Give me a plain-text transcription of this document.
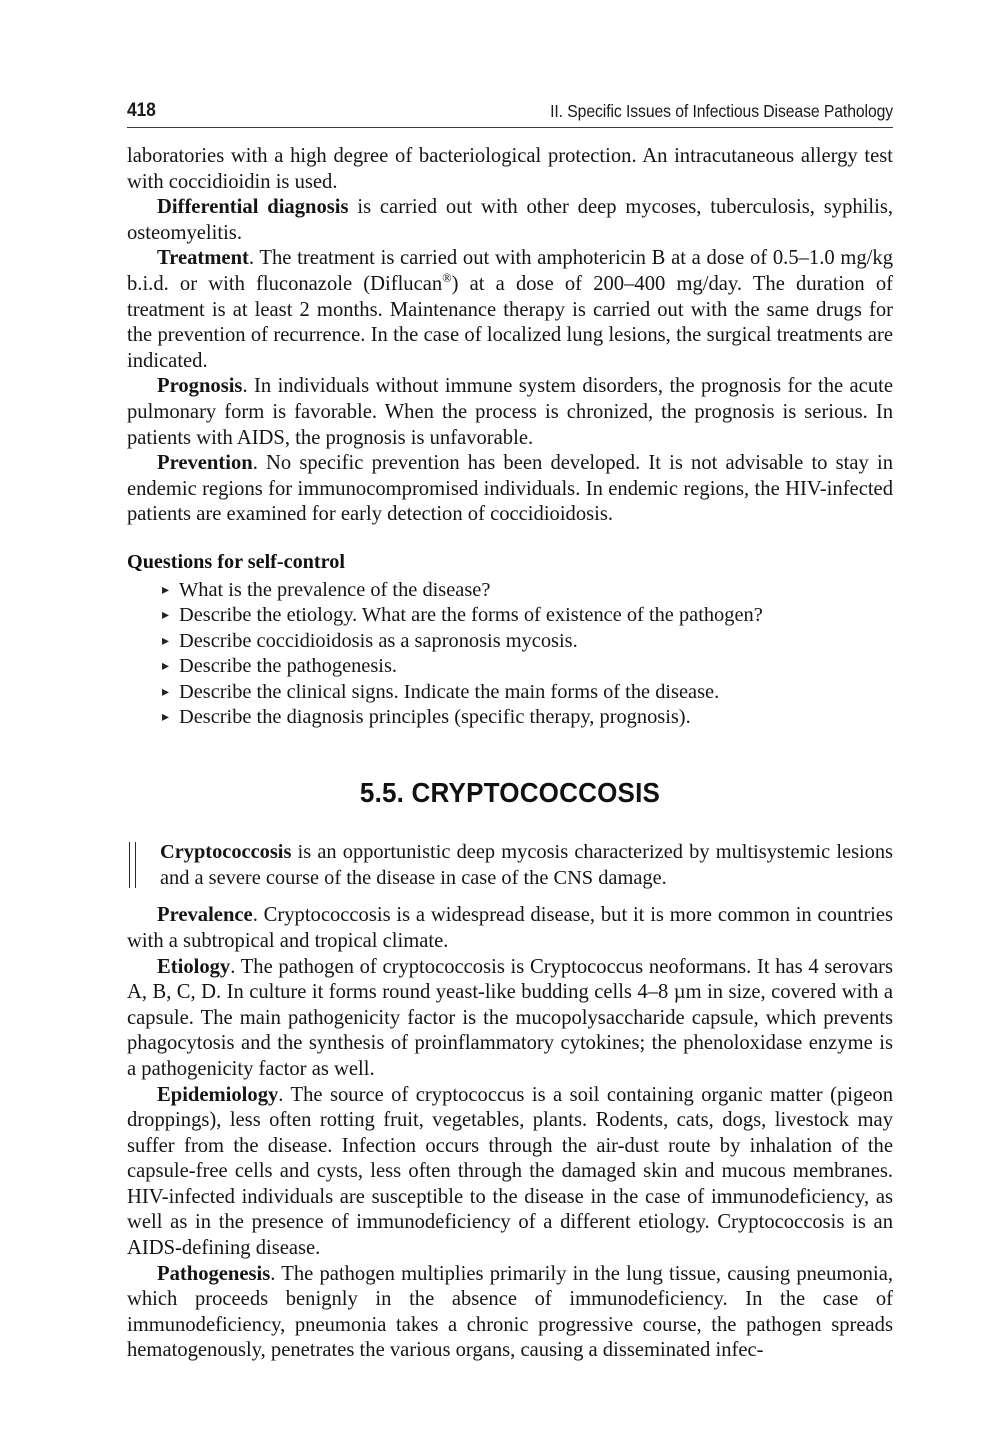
418	II. Specific Issues of Infectious Disease Pathology

laboratories with a high degree of bacteriological protection. An intracutaneous allergy test with coccidioidin is used.

Differential diagnosis is carried out with other deep mycoses, tuberculosis, syphilis, osteomyelitis.

Treatment. The treatment is carried out with amphotericin B at a dose of 0.5–1.0 mg/kg b.i.d. or with fluconazole (Diflucan®) at a dose of 200–400 mg/day. The duration of treatment is at least 2 months. Maintenance therapy is carried out with the same drugs for the prevention of recurrence. In the case of localized lung lesions, the surgical treatments are indicated.

Prognosis. In individuals without immune system disorders, the prognosis for the acute pulmonary form is favorable. When the process is chronized, the prognosis is serious. In patients with AIDS, the prognosis is unfavorable.

Prevention. No specific prevention has been developed. It is not advisable to stay in endemic regions for immunocompromised individuals. In endemic regions, the HIV-infected patients are examined for early detection of coccidioidosis.

Questions for self-control
▸ What is the prevalence of the disease?
▸ Describe the etiology. What are the forms of existence of the pathogen?
▸ Describe coccidioidosis as a sapronosis mycosis.
▸ Describe the pathogenesis.
▸ Describe the clinical signs. Indicate the main forms of the disease.
▸ Describe the diagnosis principles (specific therapy, prognosis).
5.5. CRYPTOCOCCOSIS

Cryptococcosis is an opportunistic deep mycosis characterized by multisystemic lesions and a severe course of the disease in case of the CNS damage.

Prevalence. Cryptococcosis is a widespread disease, but it is more common in countries with a subtropical and tropical climate.

Etiology. The pathogen of cryptococcosis is Cryptococcus neoformans. It has 4 serovars A, B, C, D. In culture it forms round yeast-like budding cells 4–8 µm in size, covered with a capsule. The main pathogenicity factor is the mucopolysaccharide capsule, which prevents phagocytosis and the synthesis of proinflammatory cytokines; the phenoloxidase enzyme is a pathogenicity factor as well.

Epidemiology. The source of cryptococcus is a soil containing organic matter (pigeon droppings), less often rotting fruit, vegetables, plants. Rodents, cats, dogs, livestock may suffer from the disease. Infection occurs through the air-dust route by inhalation of the capsule-free cells and cysts, less often through the damaged skin and mucous membranes. HIV-infected individuals are susceptible to the disease in the case of immunodeficiency, as well as in the presence of immunodeficiency of a different etiology. Cryptococcosis is an AIDS-defining disease.

Pathogenesis. The pathogen multiplies primarily in the lung tissue, causing pneumonia, which proceeds benignly in the absence of immunodeficiency. In the case of immunodeficiency, pneumonia takes a chronic progressive course, the pathogen spreads hematogenously, penetrates the various organs, causing a disseminated infec-
